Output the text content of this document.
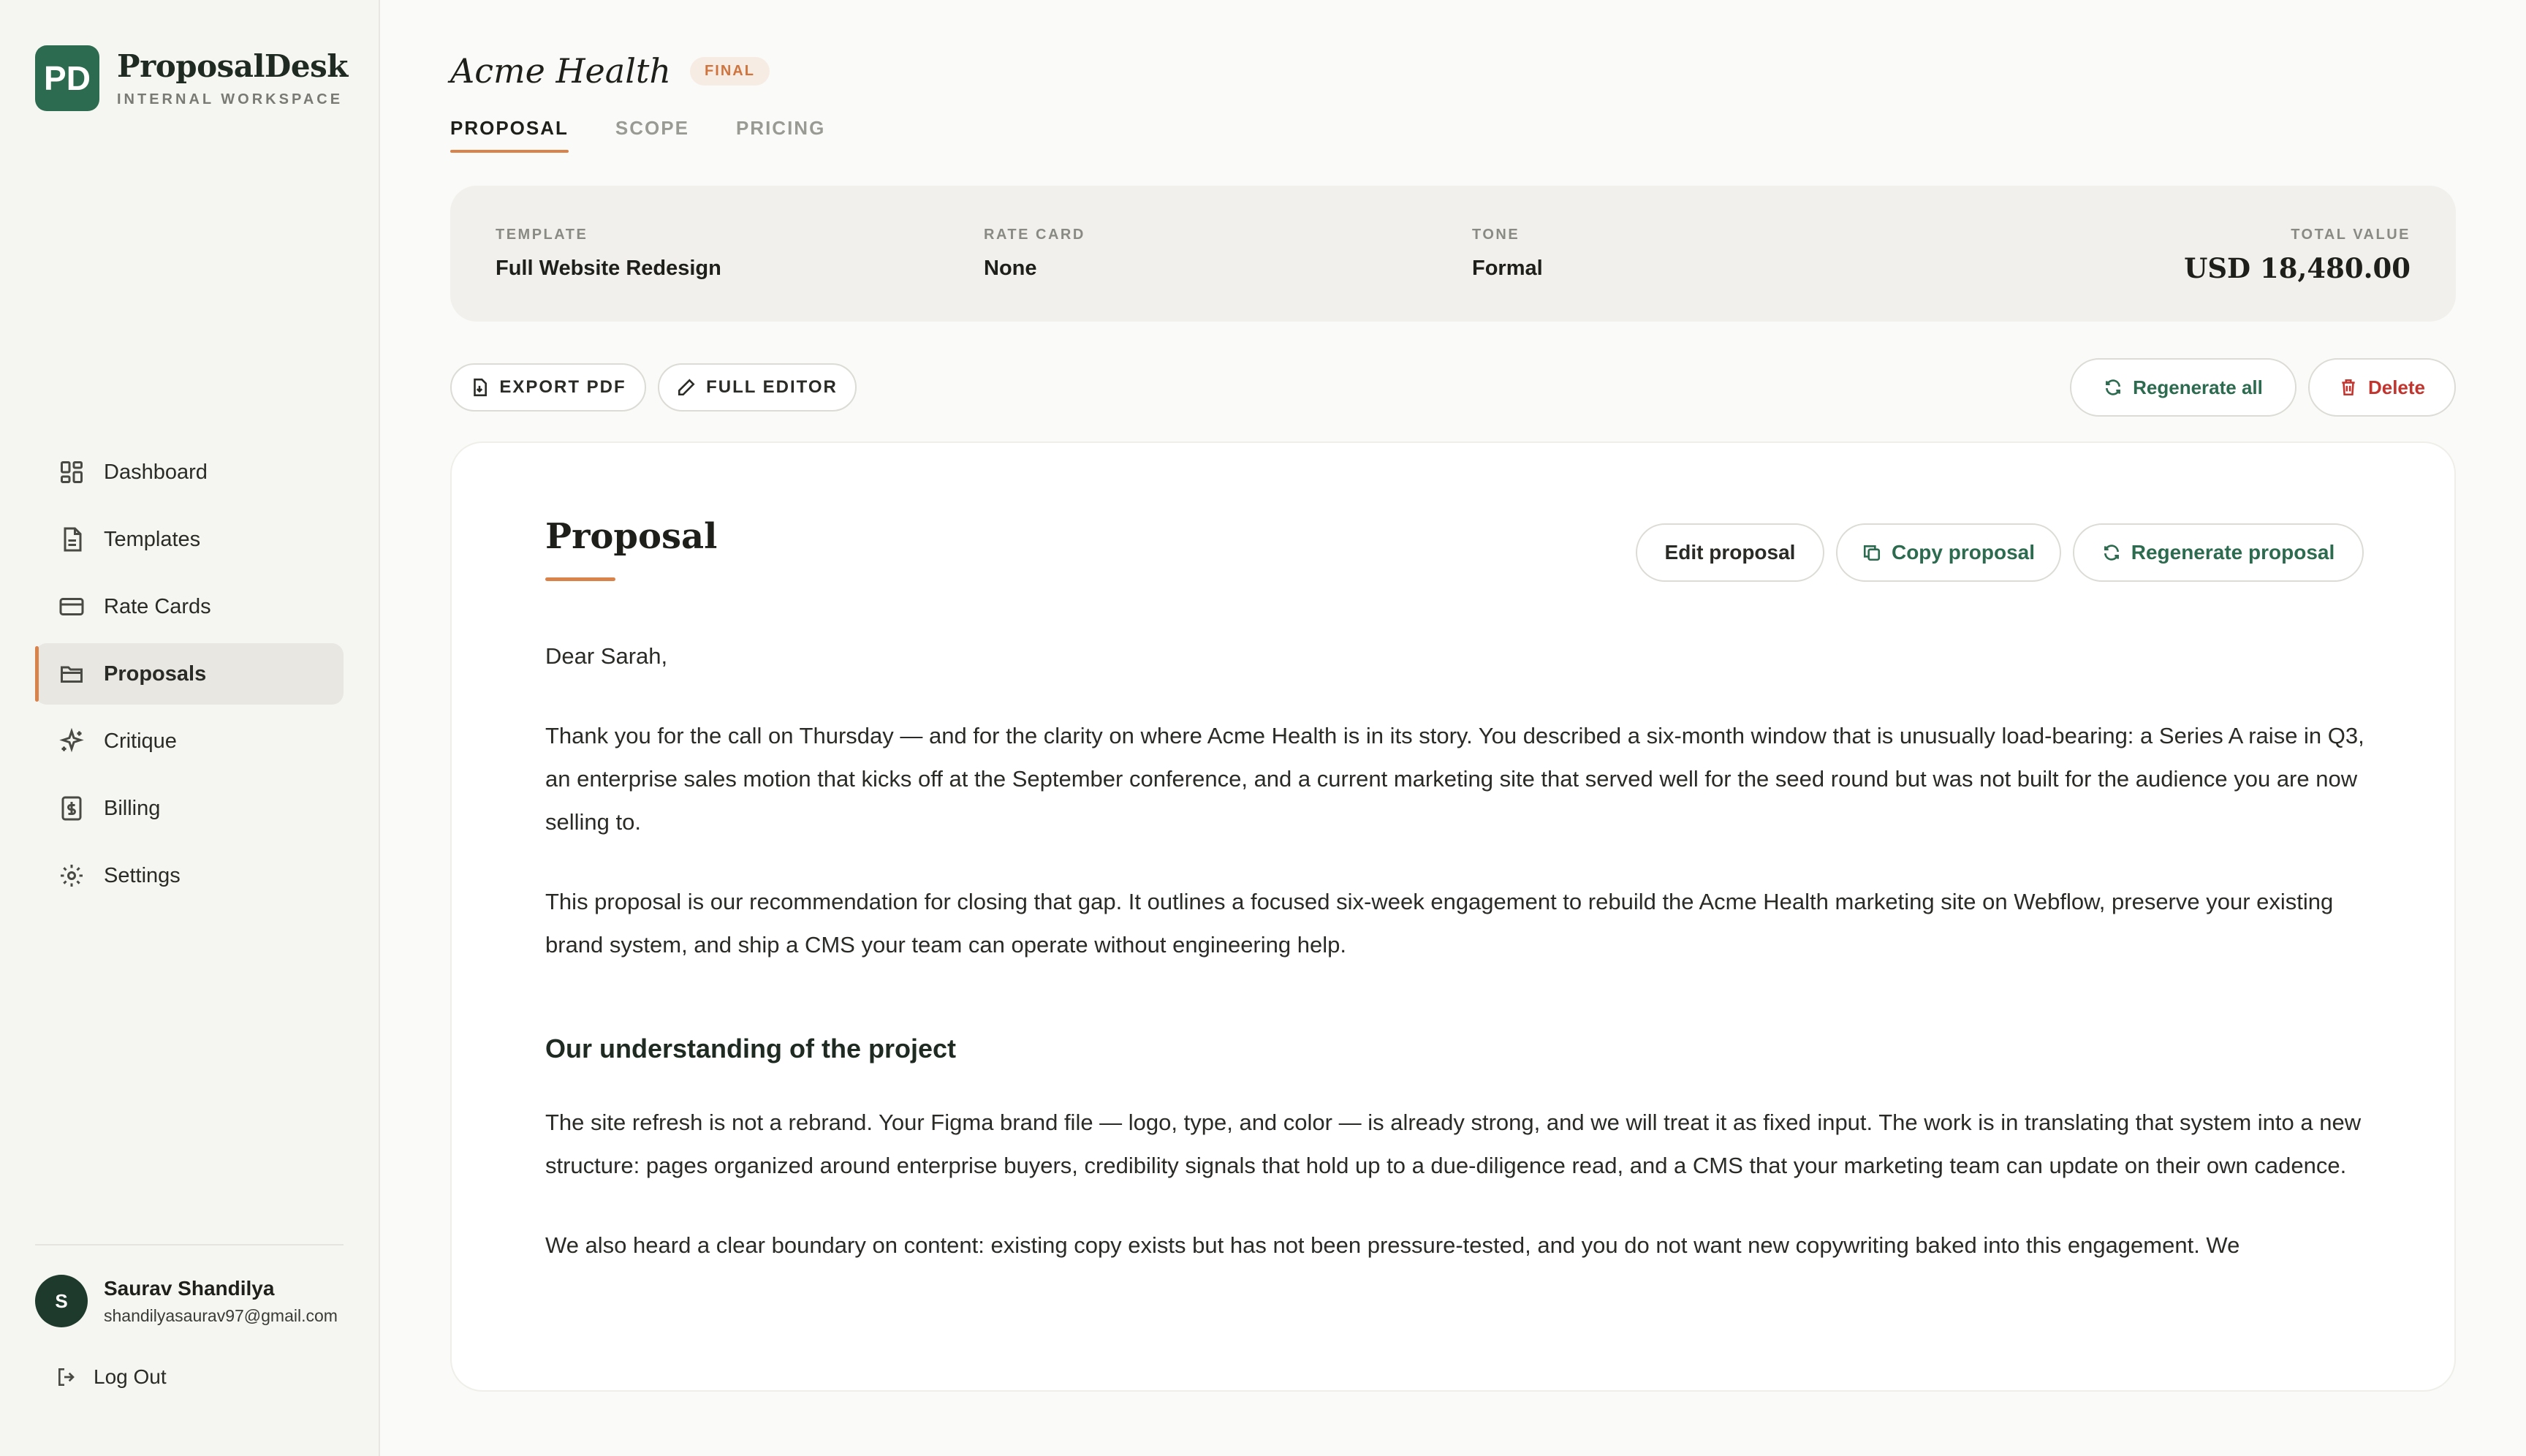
PD ProposalDesk
INTERNAL WORKSPACE
Dashboard
Templates
Rate Cards
Proposals
Critique
Billing
Settings
S
Saurav Shandilya
shandilyasaurav97@gmail.com
Log Out
Acme Health	FINAL
PROPOSAL SCOPE PRICING
TEMPLATE
Full Website Redesign
RATE CARD
None
TONE
Formal
TOTAL VALUE
USD 18,480.00
EXPORT PDF	FULL EDITOR	Regenerate all	Delete
Proposal	Edit proposal	Copy proposal	Regenerate proposal

Dear Sarah,

Thank you for the call on Thursday — and for the clarity on where Acme Health is in its story. You described a six-month window that is unusually load-bearing: a Series A raise in Q3, an enterprise sales motion that kicks off at the September conference, and a current marketing site that served well for the seed round but was not built for the audience you are now selling to.

This proposal is our recommendation for closing that gap. It outlines a focused six-week engagement to rebuild the Acme Health marketing site on Webflow, preserve your existing brand system, and ship a CMS your team can operate without engineering help.

Our understanding of the project

The site refresh is not a rebrand. Your Figma brand file — logo, type, and color — is already strong, and we will treat it as fixed input. The work is in translating that system into a new structure: pages organized around enterprise buyers, credibility signals that hold up to a due-diligence read, and a CMS that your marketing team can update on their own cadence.

We also heard a clear boundary on content: existing copy exists but has not been pressure-tested, and you do not want new copywriting baked into this engagement. We
